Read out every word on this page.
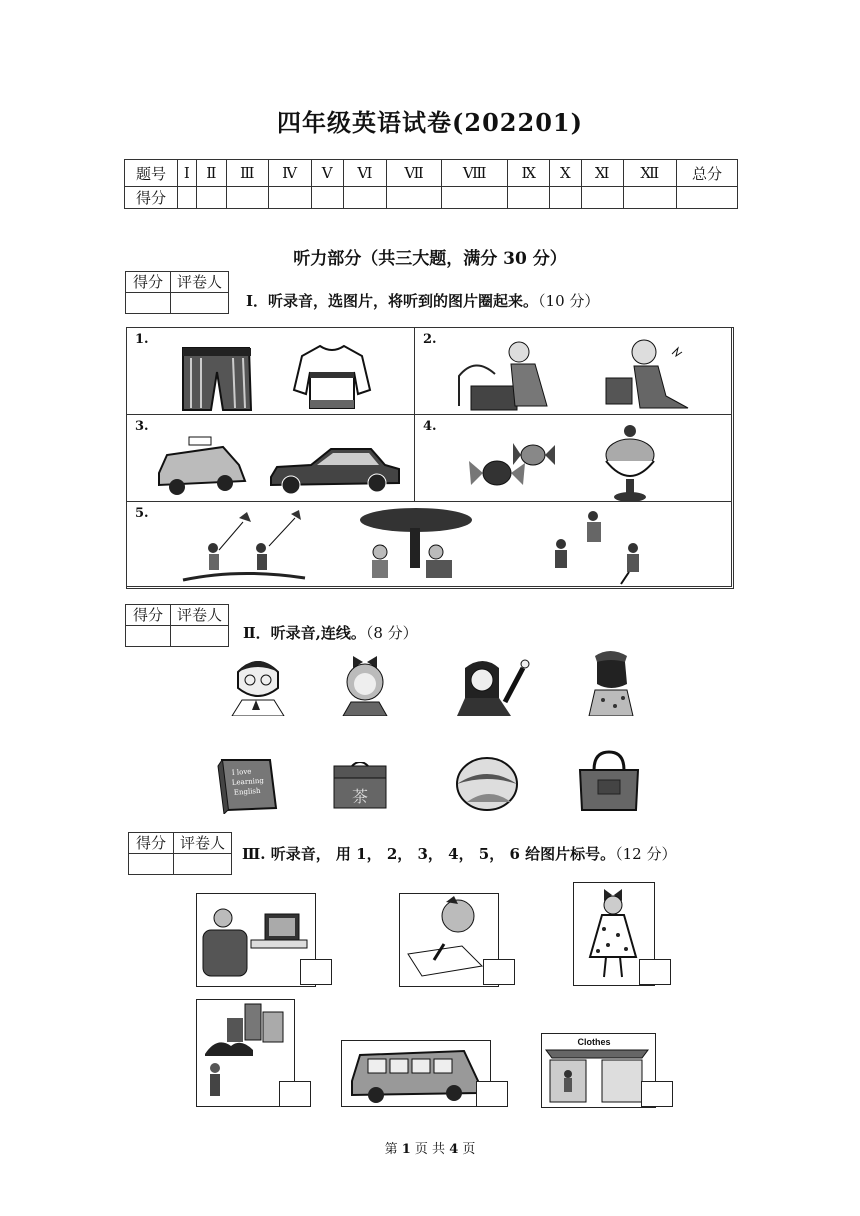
四年级英语试卷(202201)
题号	Ⅰ	Ⅱ	Ⅲ	Ⅳ	Ⅴ	Ⅵ	Ⅶ	Ⅷ	Ⅸ	Ⅹ	Ⅺ	Ⅻ	总分
得分													
听力部分（共三大题，满分 30 分）
得分	评卷人

Ⅰ．听录音，选图片，将听到的图片圈起来。（10 分）
1.	2.
3.	4.
5.
得分	评卷人

Ⅱ．听录音,连线。（8 分）
I love
Learning
English	茶
得分	评卷人

Ⅲ. 听录音， 用 1， 2， 3， 4， 5， 6 给图片标号。（12 分）
Clothes
第 1 页 共 4 页
